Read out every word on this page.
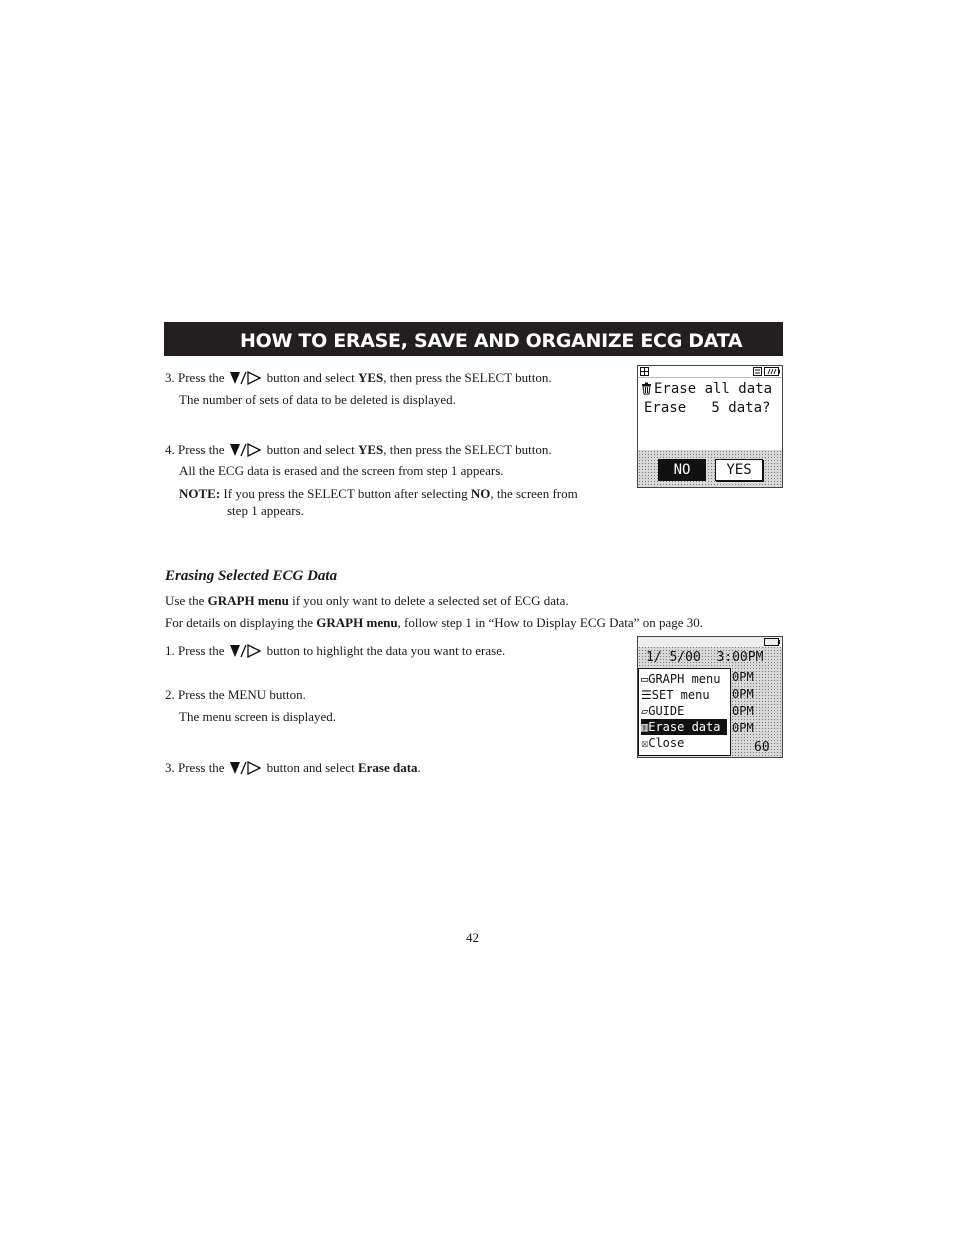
HOW TO ERASE, SAVE AND ORGANIZE ECG DATA
3. Press the	button and select YES, then press the SELECT button.
The number of sets of data to be deleted is displayed.
4. Press the	button and select YES, then press the SELECT button.
All the ECG data is erased and the screen from step 1 appears.
NOTE: If you press the SELECT button after selecting NO, the screen from
step 1 appears.
Erase all data
Erase   5 data?
NO	YES
Erasing Selected ECG Data
Use the GRAPH menu if you only want to delete a selected set of ECG data.
For details on displaying the GRAPH menu, follow step 1 in “How to Display ECG Data” on page 30.
1. Press the	button to highlight the data you want to erase.
2. Press the MENU button.
The menu screen is displayed.
3. Press the	button and select Erase data.
1/ 5/00  3:00PM
▭GRAPH menu
☰SET menu
▱GUIDE
▥Erase data
☒Close
0PM
0PM
0PM
0PM
60
42
